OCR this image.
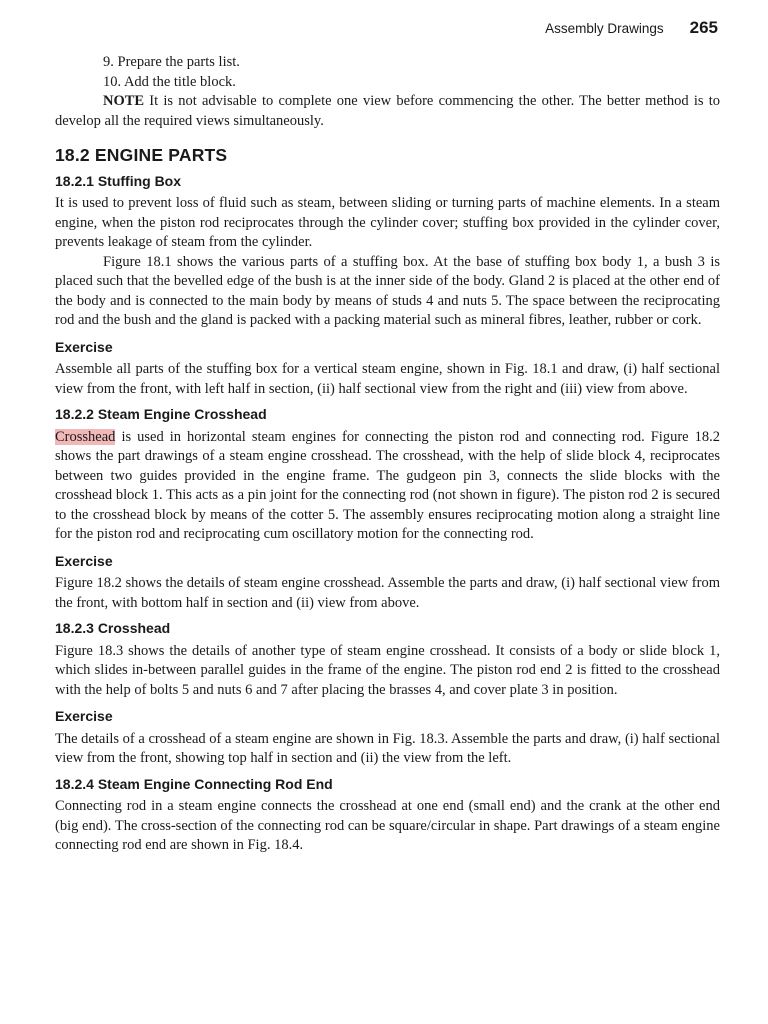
Assembly Drawings 265

9. Prepare the parts list.

10. Add the title block.

NOTE It is not advisable to complete one view before commencing the other. The better method is to develop all the required views simultaneously.

18.2 ENGINE PARTS
18.2.1 Stuffing Box

It is used to prevent loss of fluid such as steam, between sliding or turning parts of machine elements. In a steam engine, when the piston rod reciprocates through the cylinder cover; stuffing box provided in the cylinder cover, prevents leakage of steam from the cylinder.

Figure 18.1 shows the various parts of a stuffing box. At the base of stuffing box body 1, a bush 3 is placed such that the bevelled edge of the bush is at the inner side of the body. Gland 2 is placed at the other end of the body and is connected to the main body by means of studs 4 and nuts 5. The space between the reciprocating rod and the bush and the gland is packed with a packing material such as mineral fibres, leather, rubber or cork.

Exercise

Assemble all parts of the stuffing box for a vertical steam engine, shown in Fig. 18.1 and draw, (i) half sectional view from the front, with left half in section, (ii) half sectional view from the right and (iii) view from above.

18.2.2 Steam Engine Crosshead

Crosshead is used in horizontal steam engines for connecting the piston rod and connecting rod. Figure 18.2 shows the part drawings of a steam engine crosshead. The crosshead, with the help of slide block 4, reciprocates between two guides provided in the engine frame. The gudgeon pin 3, connects the slide blocks with the crosshead block 1. This acts as a pin joint for the connecting rod (not shown in figure). The piston rod 2 is secured to the crosshead block by means of the cotter 5. The assembly ensures reciprocating motion along a straight line for the piston rod and reciprocating cum oscillatory motion for the connecting rod.

Exercise

Figure 18.2 shows the details of steam engine crosshead. Assemble the parts and draw, (i) half sectional view from the front, with bottom half in section and (ii) view from above.

18.2.3 Crosshead

Figure 18.3 shows the details of another type of steam engine crosshead. It consists of a body or slide block 1, which slides in-between parallel guides in the frame of the engine. The piston rod end 2 is fitted to the crosshead with the help of bolts 5 and nuts 6 and 7 after placing the brasses 4, and cover plate 3 in position.

Exercise

The details of a crosshead of a steam engine are shown in Fig. 18.3. Assemble the parts and draw, (i) half sectional view from the front, showing top half in section and (ii) the view from the left.

18.2.4 Steam Engine Connecting Rod End

Connecting rod in a steam engine connects the crosshead at one end (small end) and the crank at the other end (big end). The cross-section of the connecting rod can be square/circular in shape. Part drawings of a steam engine connecting rod end are shown in Fig. 18.4.
